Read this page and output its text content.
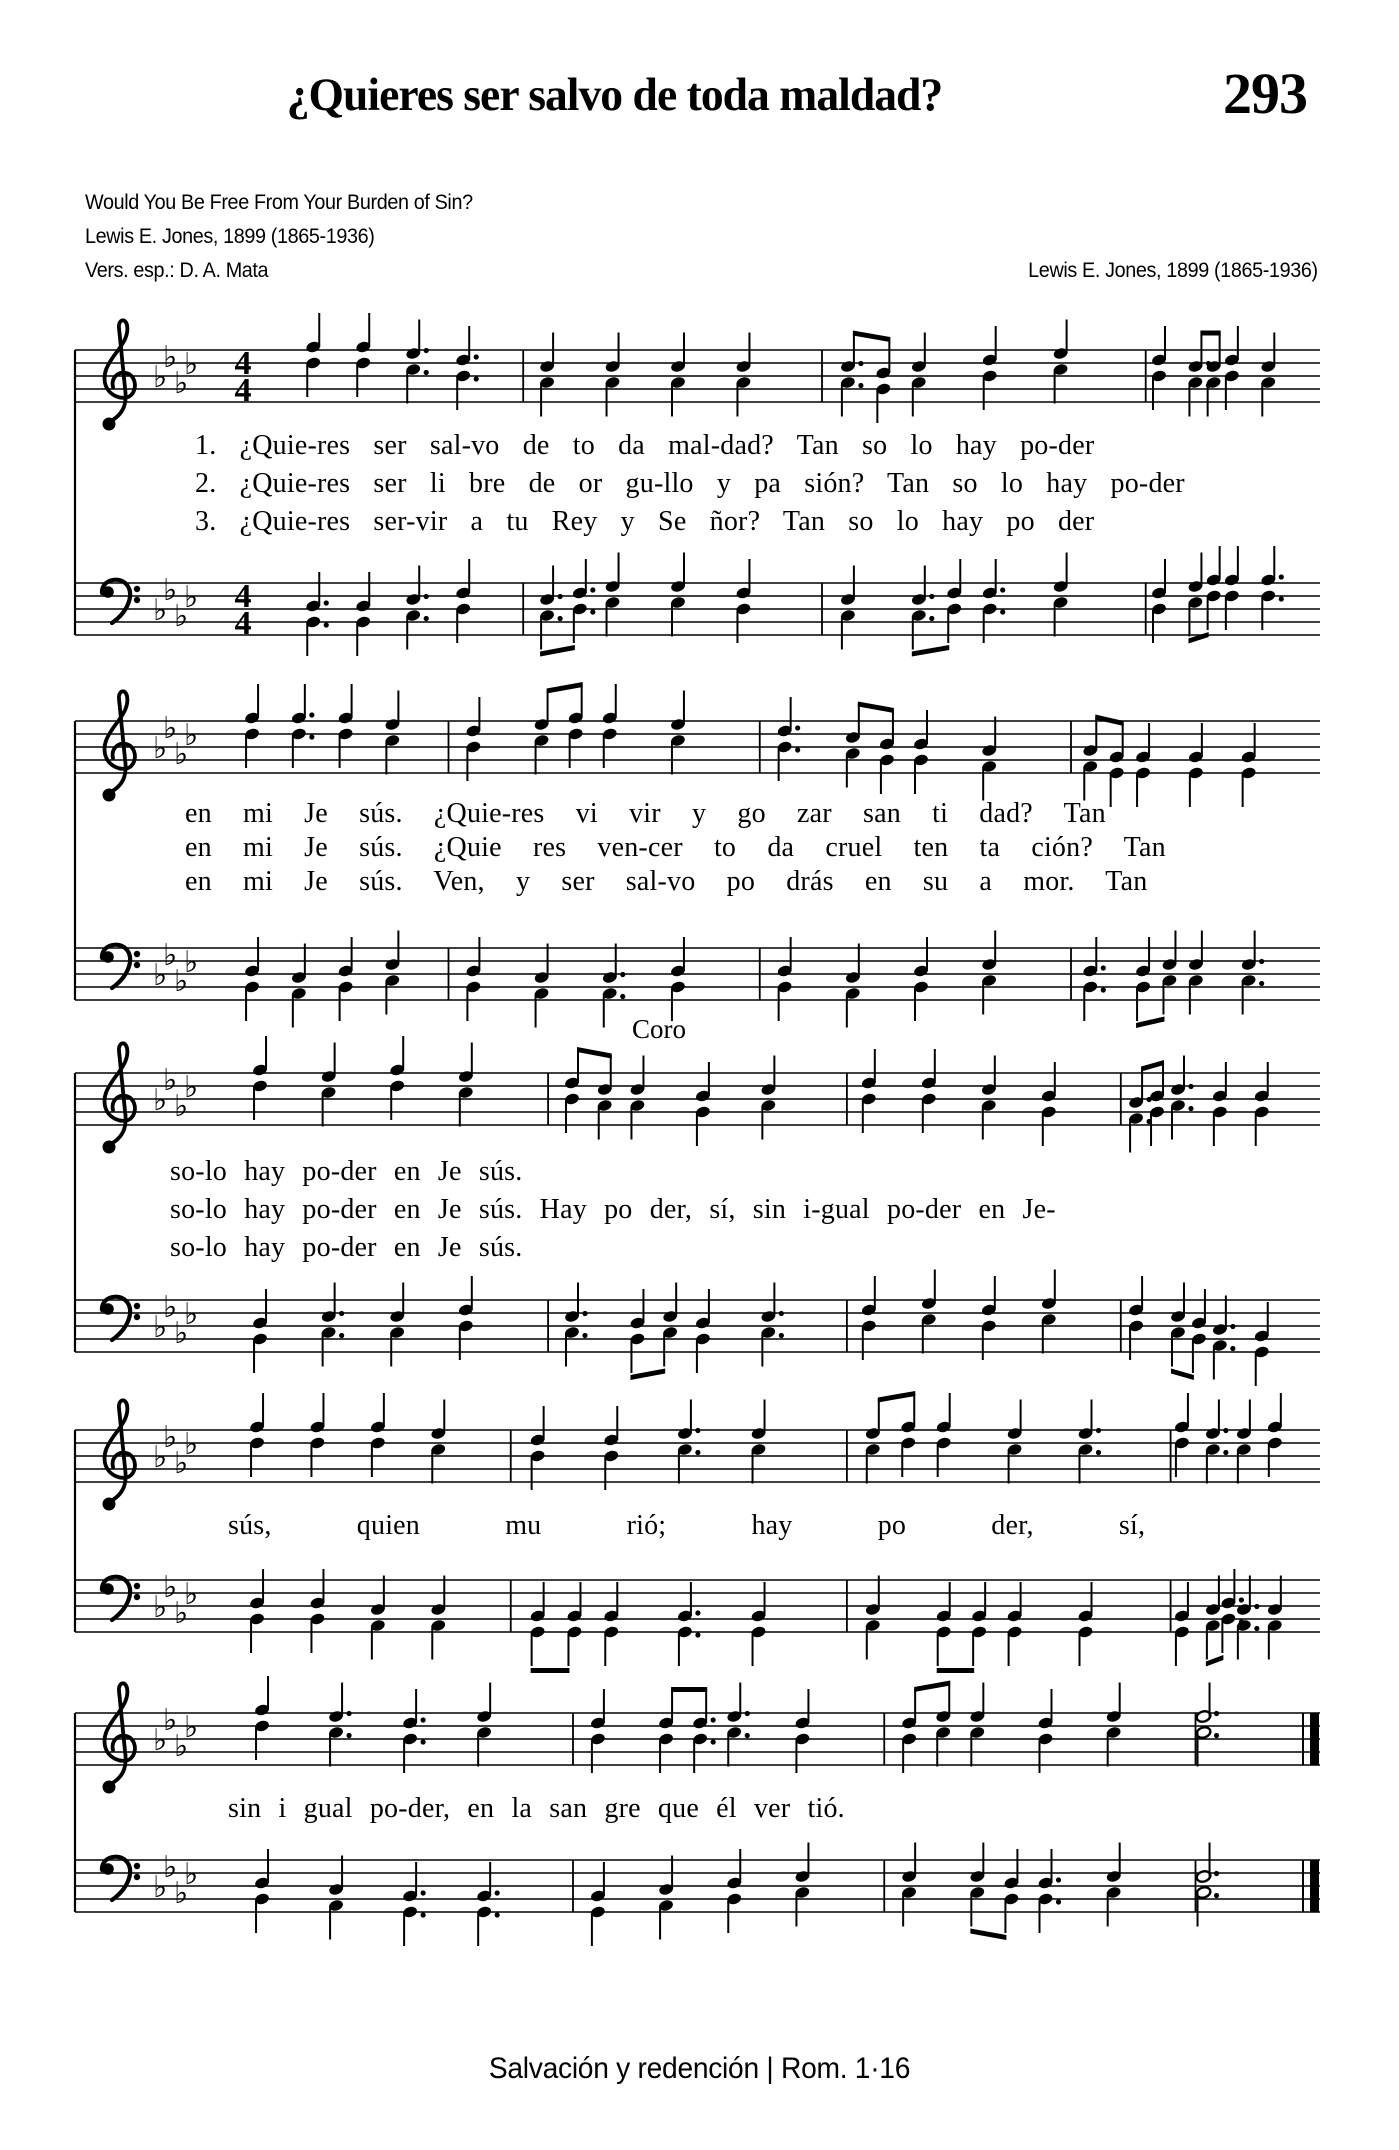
¿Quieres ser salvo de toda maldad?	293
Would You Be Free From Your Burden of Sin?
Lewis E. Jones, 1899 (1865-1936)
Vers. esp.: D. A. Mata	Lewis E. Jones, 1899 (1865-1936)
♭
♭
♭
♭ 4
4
♭
♭
♭
♭ 4
4
♭
♭
♭
♭
♭
♭
♭
♭
♭
♭
♭
♭
♭
♭
♭
♭
♭
♭
♭
♭
♭
♭
♭
♭
♭
♭
♭
♭
♭
♭
♭
♭
1. ¿Quie-res ser sal-vo de to da mal-dad? Tan so lo hay po-der
2. ¿Quie-res ser li bre de or gu-llo y pa sión? Tan so lo hay po-der
3. ¿Quie-res ser-vir a tu Rey y Se ñor? Tan so lo hay po der
en mi Je sús. ¿Quie-res vi vir y go zar san ti dad? Tan
en mi Je sús. ¿Quie res ven-cer to da cruel ten ta ción? Tan
en mi Je sús. Ven, y ser sal-vo po drás en su a mor. Tan
Coro
so-lo hay po-der en Je sús.
so-lo hay po-der en Je sús. Hay po der, sí, sin i-gual po-der en Je-
so-lo hay po-der en Je sús.
sús, quien mu rió; hay po der, sí,
sin i gual po-der, en la san gre que él ver tió.
Salvación y redención | Rom. 1·16
